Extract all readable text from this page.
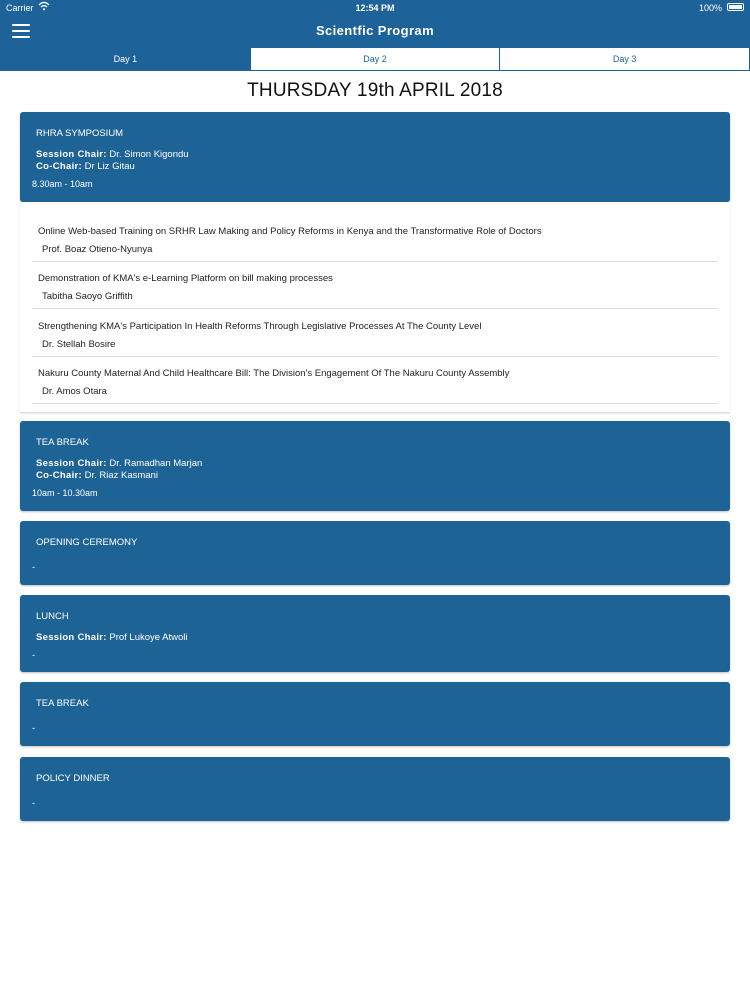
Carrier	12:54 PM	100%
Scientfic Program
Day 1	Day 2	Day 3
THURSDAY 19th APRIL 2018
RHRA SYMPOSIUM
Session Chair: Dr. Simon Kigondu
Co-Chair: Dr Liz Gitau
8.30am - 10am
Online Web-based Training on SRHR Law Making and Policy Reforms in Kenya and the Transformative Role of Doctors
Prof. Boaz Otieno-Nyunya
Demonstration of KMA's e-Learning Platform on bill making processes
Tabitha Saoyo Griffith
Strengthening KMA's Participation In Health Reforms Through Legislative Processes At The County Level
Dr. Stellah Bosire
Nakuru County Maternal And Child Healthcare Bill: The Division's Engagement Of The Nakuru County Assembly
Dr. Amos Otara
TEA BREAK
Session Chair: Dr. Ramadhan Marjan
Co-Chair: Dr. Riaz Kasmani
10am - 10.30am
OPENING CEREMONY
-
LUNCH
Session Chair: Prof Lukoye Atwoli
-
TEA BREAK
-
POLICY DINNER
-
